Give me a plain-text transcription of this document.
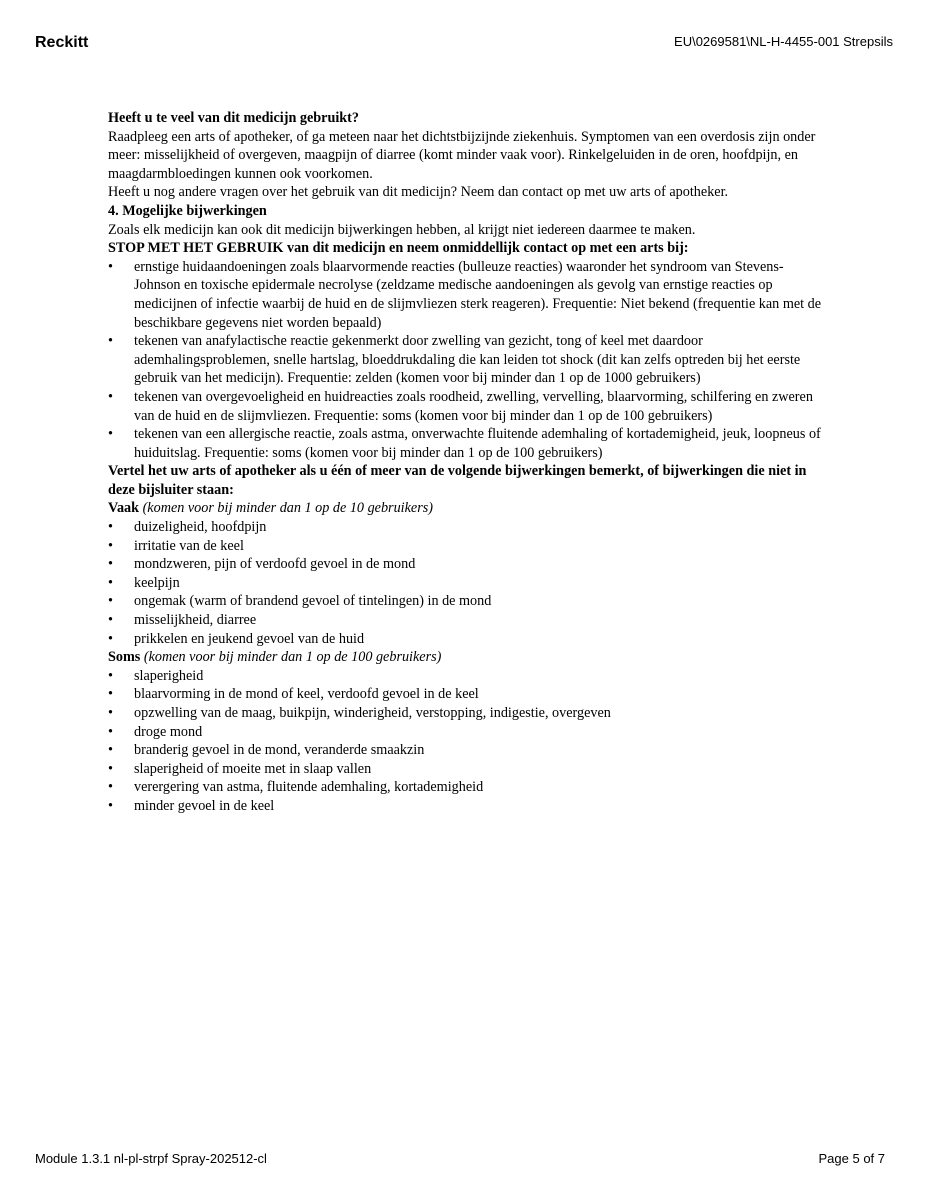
Reckitt	EU\0269581\NL-H-4455-001 Strepsils

Heeft u te veel van dit medicijn gebruikt?

Raadpleeg een arts of apotheker, of ga meteen naar het dichtstbijzijnde ziekenhuis. Symptomen van een overdosis zijn onder meer: misselijkheid of overgeven, maagpijn of diarree (komt minder vaak voor). Rinkelgeluiden in de oren, hoofdpijn, en maagdarmbloedingen kunnen ook voorkomen.

Heeft u nog andere vragen over het gebruik van dit medicijn? Neem dan contact op met uw arts of apotheker.

4. Mogelijke bijwerkingen

Zoals elk medicijn kan ook dit medicijn bijwerkingen hebben, al krijgt niet iedereen daarmee te maken.

STOP MET HET GEBRUIK van dit medicijn en neem onmiddellijk contact op met een arts bij:

• ernstige huidaandoeningen zoals blaarvormende reacties (bulleuze reacties) waaronder het syndroom van Stevens-Johnson en toxische epidermale necrolyse (zeldzame medische aandoeningen als gevolg van ernstige reacties op medicijnen of infectie waarbij de huid en de slijmvliezen sterk reageren). Frequentie: Niet bekend (frequentie kan met de beschikbare gegevens niet worden bepaald)
• tekenen van anafylactische reactie gekenmerkt door zwelling van gezicht, tong of keel met daardoor ademhalingsproblemen, snelle hartslag, bloeddrukdaling die kan leiden tot shock (dit kan zelfs optreden bij het eerste gebruik van het medicijn). Frequentie: zelden (komen voor bij minder dan 1 op de 1000 gebruikers)
• tekenen van overgevoeligheid en huidreacties zoals roodheid, zwelling, vervelling, blaarvorming, schilfering en zweren van de huid en de slijmvliezen. Frequentie: soms (komen voor bij minder dan 1 op de 100 gebruikers)
• tekenen van een allergische reactie, zoals astma, onverwachte fluitende ademhaling of kortademigheid, jeuk, loopneus of huiduitslag. Frequentie: soms (komen voor bij minder dan 1 op de 100 gebruikers)

Vertel het uw arts of apotheker als u één of meer van de volgende bijwerkingen bemerkt, of bijwerkingen die niet in deze bijsluiter staan:

Vaak (komen voor bij minder dan 1 op de 10 gebruikers)

• duizeligheid, hoofdpijn
• irritatie van de keel
• mondzweren, pijn of verdoofd gevoel in de mond
• keelpijn
• ongemak (warm of brandend gevoel of tintelingen) in de mond
• misselijkheid, diarree
• prikkelen en jeukend gevoel van de huid

Soms (komen voor bij minder dan 1 op de 100 gebruikers)

• slaperigheid
• blaarvorming in de mond of keel, verdoofd gevoel in de keel
• opzwelling van de maag, buikpijn, winderigheid, verstopping, indigestie, overgeven
• droge mond
• branderig gevoel in de mond, veranderde smaakzin
• slaperigheid of moeite met in slaap vallen
• verergering van astma, fluitende ademhaling, kortademigheid
• minder gevoel in de keel
Module 1.3.1 nl-pl-strpf Spray-202512-cl	Page 5 of 7
